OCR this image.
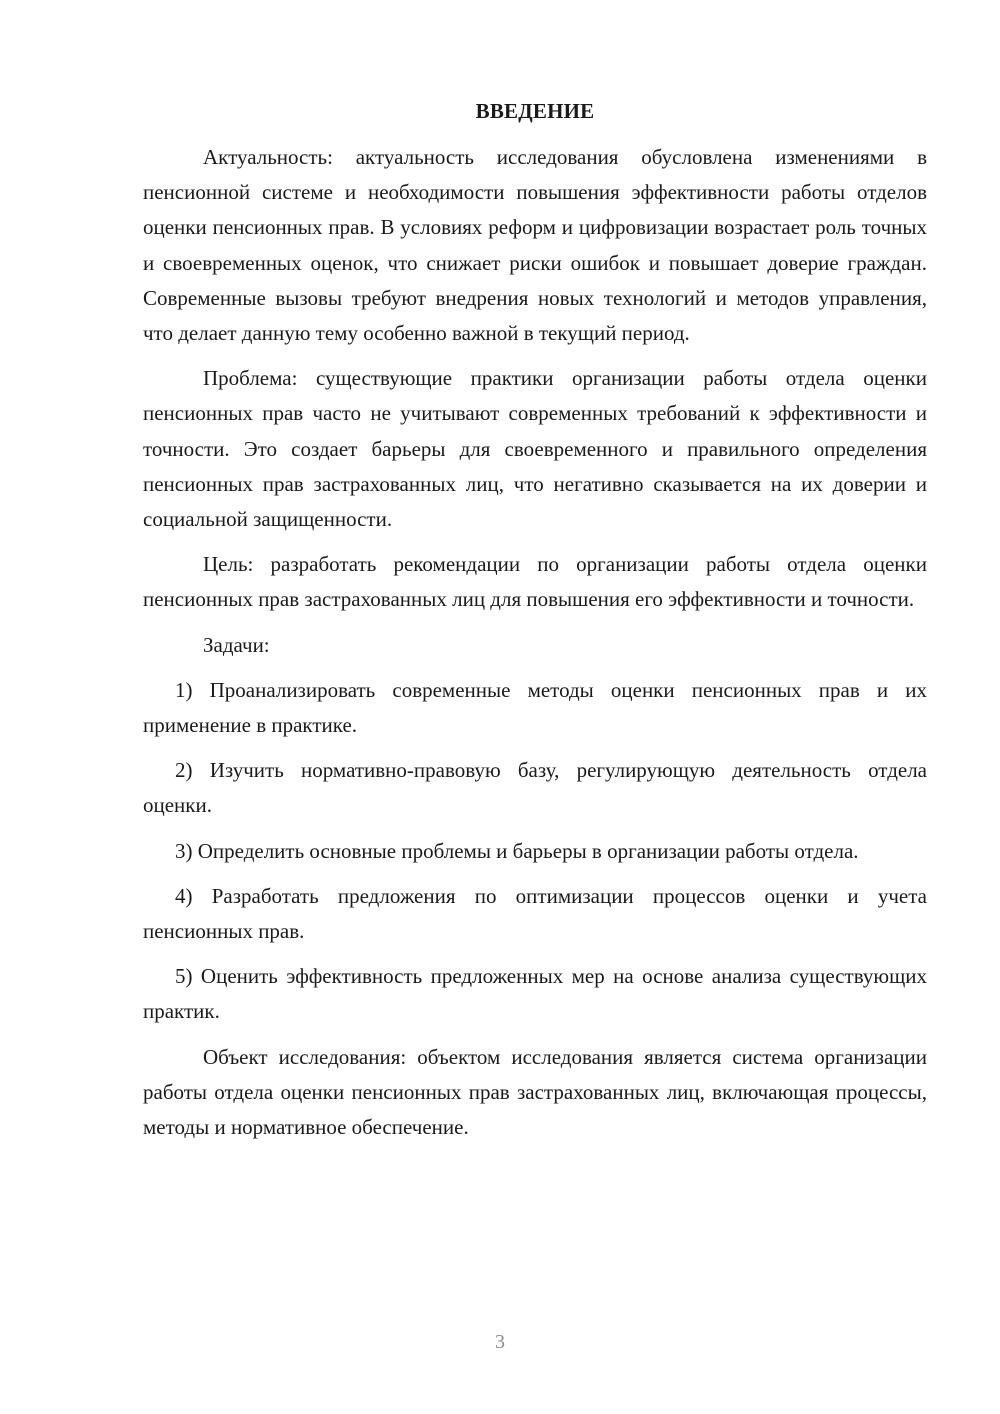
ВВЕДЕНИЕ

Актуальность: актуальность исследования обусловлена изменениями в пенсионной системе и необходимости повышения эффективности работы отделов оценки пенсионных прав. В условиях реформ и цифровизации возрастает роль точных и своевременных оценок, что снижает риски ошибок и повышает доверие граждан. Современные вызовы требуют внедрения новых технологий и методов управления, что делает данную тему особенно важной в текущий период.

Проблема: существующие практики организации работы отдела оценки пенсионных прав часто не учитывают современных требований к эффективности и точности. Это создает барьеры для своевременного и правильного определения пенсионных прав застрахованных лиц, что негативно сказывается на их доверии и социальной защищенности.

Цель: разработать рекомендации по организации работы отдела оценки пенсионных прав застрахованных лиц для повышения его эффективности и точности.

Задачи:

1) Проанализировать современные методы оценки пенсионных прав и их применение в практике.

2) Изучить нормативно-правовую базу, регулирующую деятельность отдела оценки.

3) Определить основные проблемы и барьеры в организации работы отдела.

4) Разработать предложения по оптимизации процессов оценки и учета пенсионных прав.

5) Оценить эффективность предложенных мер на основе анализа существующих практик.

Объект исследования: объектом исследования является система организации работы отдела оценки пенсионных прав застрахованных лиц, включающая процессы, методы и нормативное обеспечение.

3
